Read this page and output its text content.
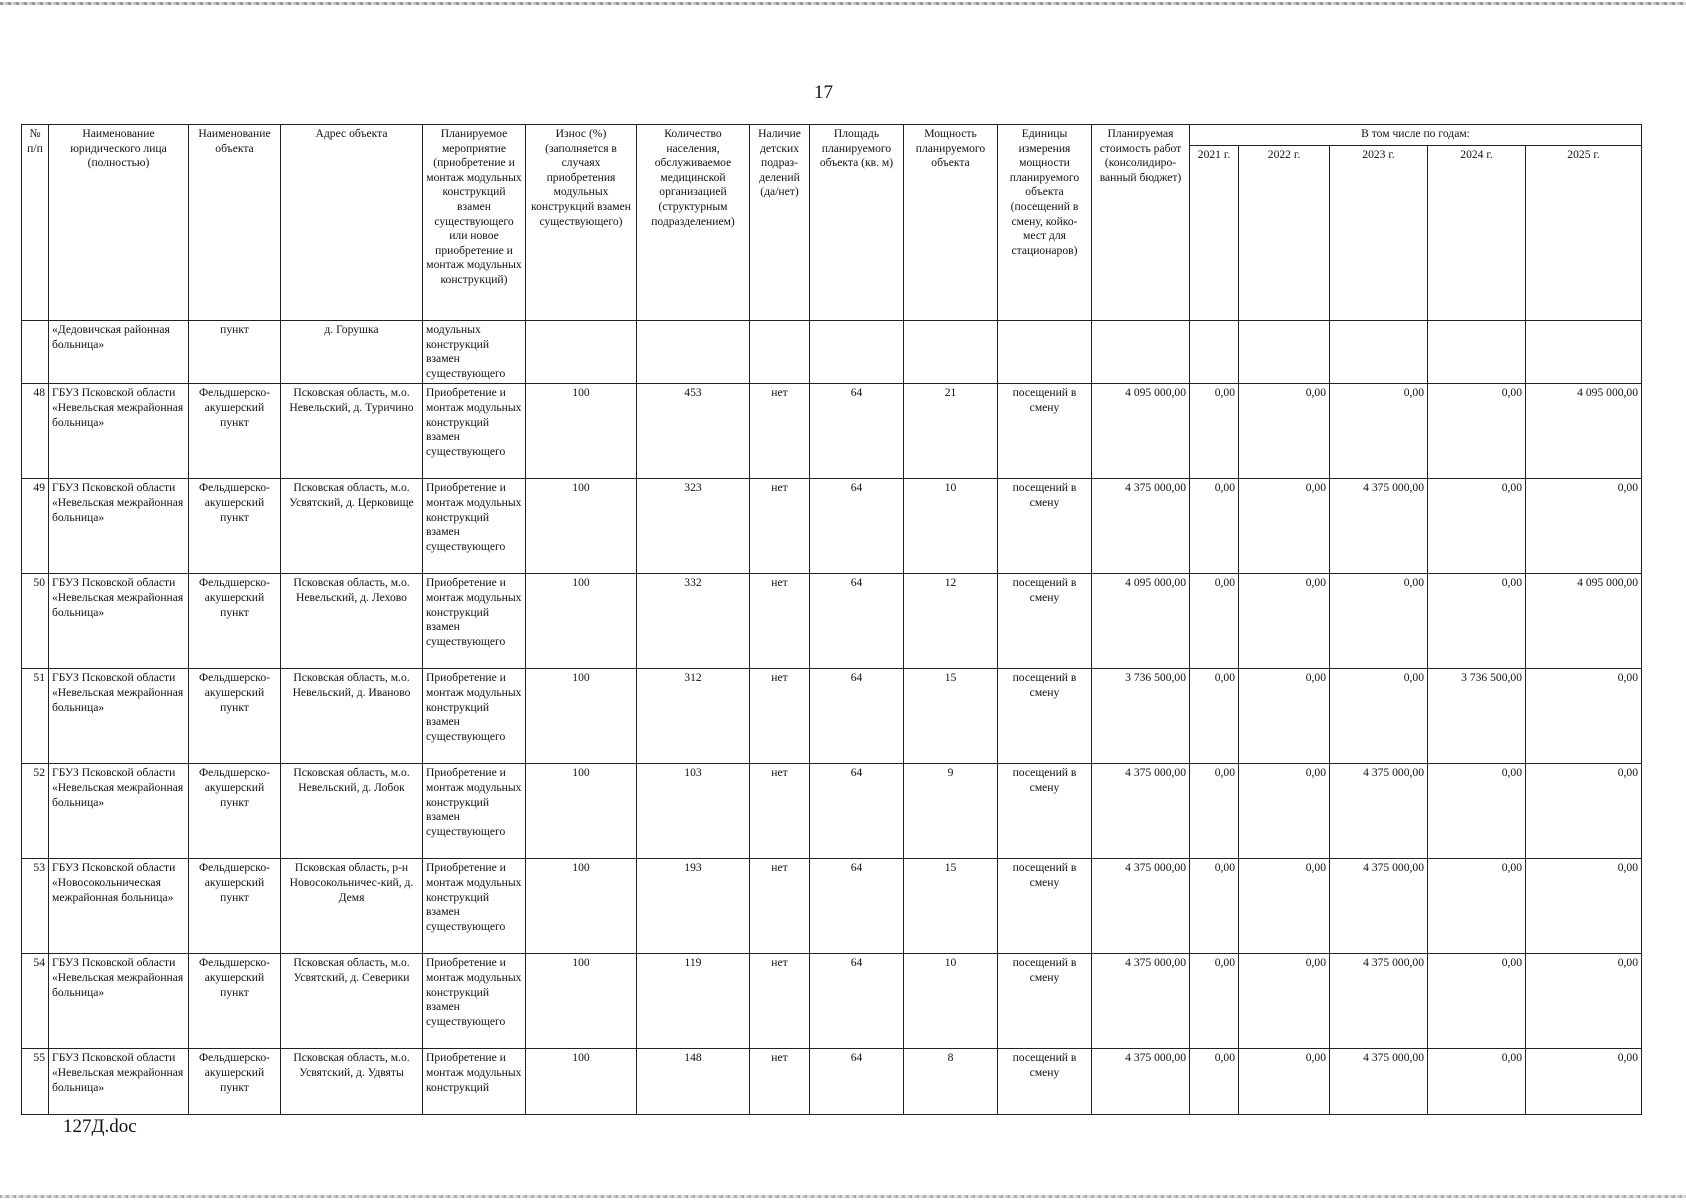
17
№ п/п	Наименование юридического лица (полностью)	Наименование объекта	Адрес объекта	Планируемое мероприятие (приобретение и монтаж модульных конструкций взамен существующего или новое приобретение и монтаж модульных конструкций)	Износ (%) (заполняется в случаях приобретения модульных конструкций взамен существующего)	Количество населения, обслуживаемое медицинской организацией (структурным подразделением)	Наличие детских подраз-делений (да/нет)	Площадь планируемого объекта (кв. м)	Мощность планируемого объекта	Единицы измерения мощности планируемого объекта (посещений в смену, койко-мест для стационаров)	Планируемая стоимость работ (консолидиро-ванный бюджет)	В том числе по годам:				
												2021 г.	2022 г.	2023 г.	2024 г.	2025 г.
	«Дедовичская районная больница»	пункт	д. Горушка	модульных конструкций взамен существующего												
48	ГБУЗ Псковской области «Невельская межрайонная больница»	Фельдшерско-акушерский пункт	Псковская область, м.о. Невельский, д. Туричино	Приобретение и монтаж модульных конструкций взамен существующего	100	453	нет	64	21	посещений в смену	4 095 000,00	0,00	0,00	0,00	0,00	4 095 000,00
49	ГБУЗ Псковской области «Невельская межрайонная больница»	Фельдшерско-акушерский пункт	Псковская область, м.о. Усвятский, д. Церковище	Приобретение и монтаж модульных конструкций взамен существующего	100	323	нет	64	10	посещений в смену	4 375 000,00	0,00	0,00	4 375 000,00	0,00	0,00
50	ГБУЗ Псковской области «Невельская межрайонная больница»	Фельдшерско-акушерский пункт	Псковская область, м.о. Невельский, д. Лехово	Приобретение и монтаж модульных конструкций взамен существующего	100	332	нет	64	12	посещений в смену	4 095 000,00	0,00	0,00	0,00	0,00	4 095 000,00
51	ГБУЗ Псковской области «Невельская межрайонная больница»	Фельдшерско-акушерский пункт	Псковская область, м.о. Невельский, д. Иваново	Приобретение и монтаж модульных конструкций взамен существующего	100	312	нет	64	15	посещений в смену	3 736 500,00	0,00	0,00	0,00	3 736 500,00	0,00
52	ГБУЗ Псковской области «Невельская межрайонная больница»	Фельдшерско-акушерский пункт	Псковская область, м.о. Невельский, д. Лобок	Приобретение и монтаж модульных конструкций взамен существующего	100	103	нет	64	9	посещений в смену	4 375 000,00	0,00	0,00	4 375 000,00	0,00	0,00
53	ГБУЗ Псковской области «Новосокольническая межрайонная больница»	Фельдшерско-акушерский пункт	Псковская область, р-н Новосокольничес-кий, д. Демя	Приобретение и монтаж модульных конструкций взамен существующего	100	193	нет	64	15	посещений в смену	4 375 000,00	0,00	0,00	4 375 000,00	0,00	0,00
54	ГБУЗ Псковской области «Невельская межрайонная больница»	Фельдшерско-акушерский пункт	Псковская область, м.о. Усвятский, д. Северики	Приобретение и монтаж модульных конструкций взамен существующего	100	119	нет	64	10	посещений в смену	4 375 000,00	0,00	0,00	4 375 000,00	0,00	0,00
55	ГБУЗ Псковской области «Невельская межрайонная больница»	Фельдшерско-акушерский пункт	Псковская область, м.о. Усвятский, д. Удвяты	Приобретение и монтаж модульных конструкций	100	148	нет	64	8	посещений в смену	4 375 000,00	0,00	0,00	4 375 000,00	0,00	0,00
127Д.doc
